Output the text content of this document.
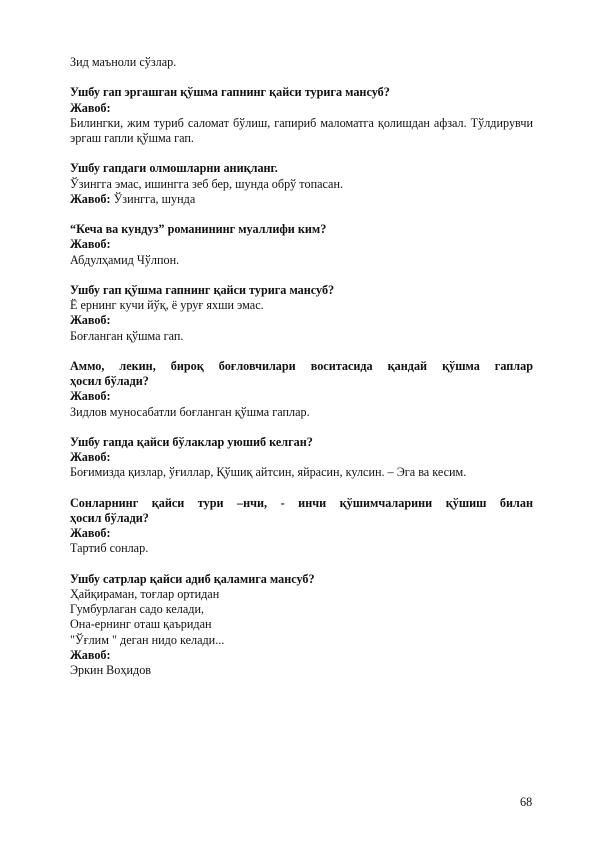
Зид маъноли сўзлар.
Ушбу гап эргашган қўшма гапнинг қайси турига мансуб?
Жавоб:
Билингки, жим туриб саломат бўлиш, гапириб маломатга қолишдан афзал. Тўлдирувчи эргаш гапли қўшма гап.
Ушбу гапдаги олмошларни аниқланг.
Ўзингга эмас, ишингга зеб бер, шунда обрў топасан.
Жавоб: Ўзингга, шунда
“Кеча ва кундуз” романининг муаллифи ким?
Жавоб:
Абдулҳамид Чўлпон.
Ушбу гап қўшма гапнинг қайси турига мансуб?
Ё ернинг кучи йўқ, ё уруғ яхши эмас.
Жавоб:
Боғланган қўшма гап.
Аммо, лекин, бироқ боғловчилари воситасида қандай қўшма гаплар
ҳосил бўлади?
Жавоб:
Зидлов муносабатли боғланган қўшма гаплар.
Ушбу гапда қайси бўлаклар уюшиб келган?
Жавоб:
Боғимизда қизлар, ўғиллар, Қўшиқ айтсин, яйрасин, кулсин. – Эга ва кесим.
Сонларнинг қайси тури –нчи, - инчи қўшимчаларини қўшиш билан
ҳосил бўлади?
Жавоб:
Тартиб сонлар.
Ушбу сатрлар қайси адиб қаламига мансуб?
Ҳайқираман, тоғлар ортидан
Гумбурлаган садо келади,
Она-ернинг оташ қаъридан
"Ўғлим " деган нидо келади...
Жавоб:
Эркин Воҳидов
68
